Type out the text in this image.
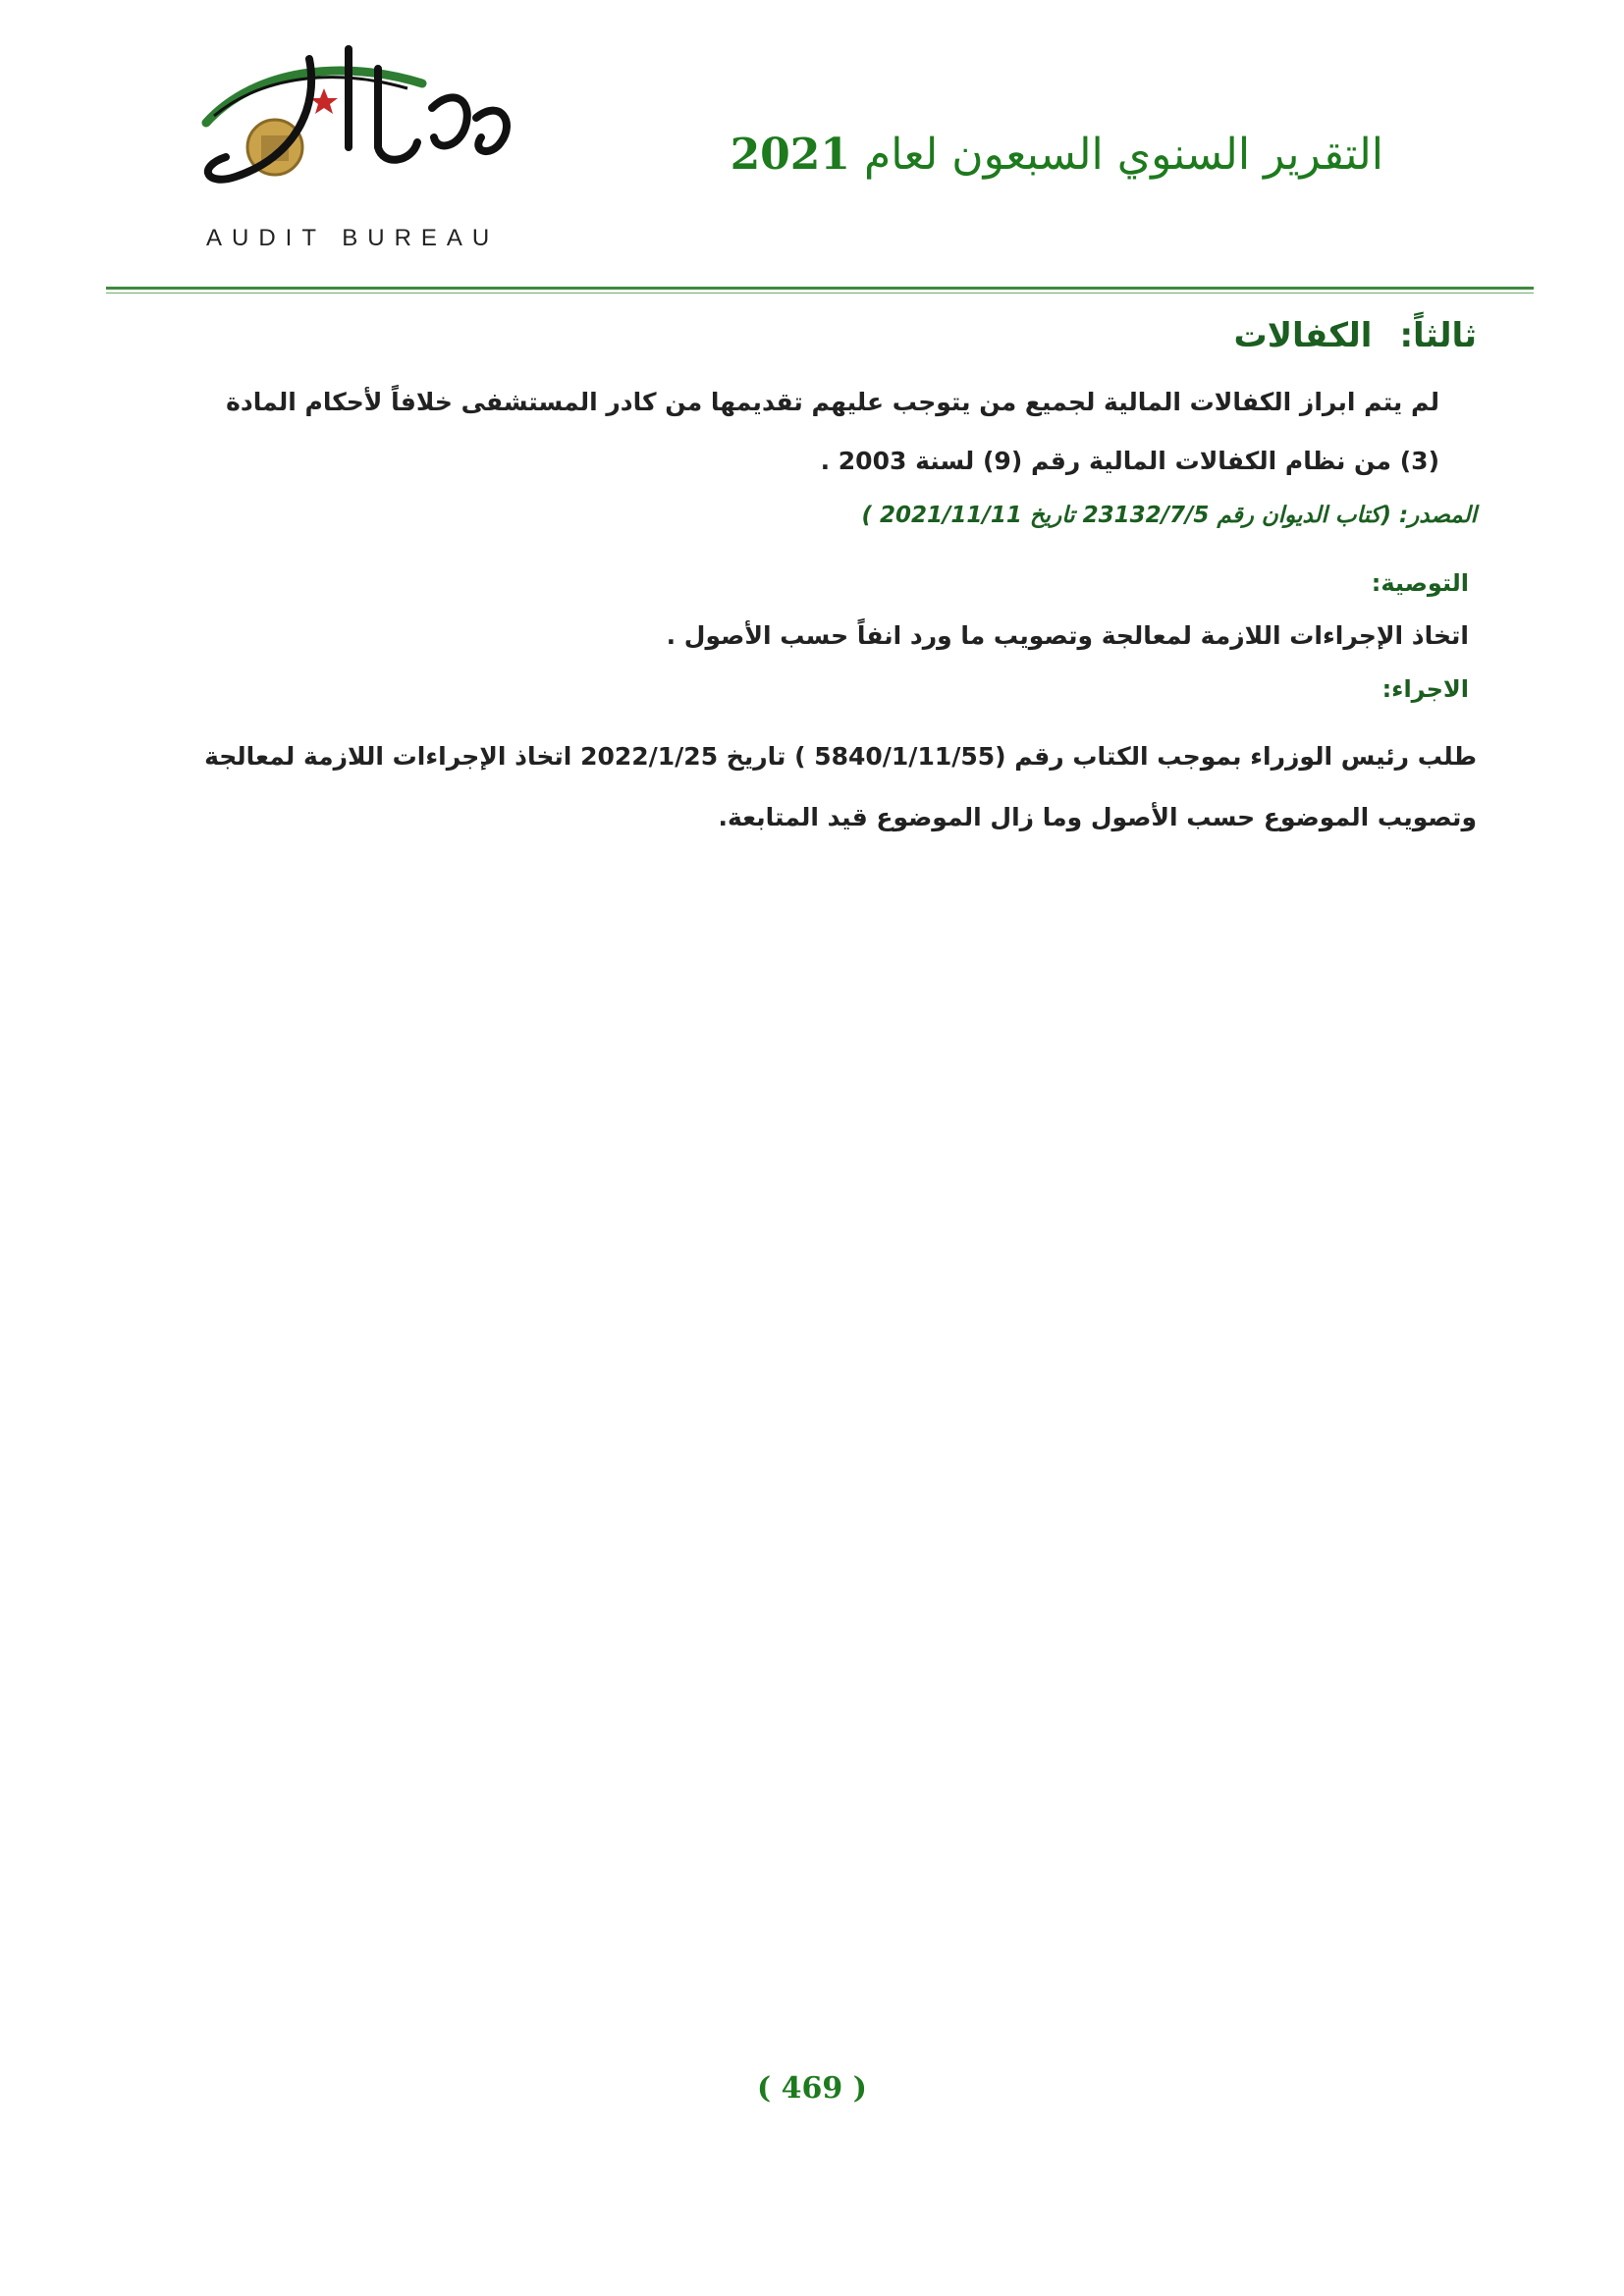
AUDIT BUREAU
التقرير السنوي السبعون لعام 2021
ثالثاً:الكفالات
لم يتم ابراز الكفالات المالية لجميع من يتوجب عليهم تقديمها من كادر المستشفى خلافاً لأحكام المادة
(3) من نظام الكفالات المالية رقم (9) لسنة 2003 .
المصدر: (كتاب الديوان رقم 23132/7/5 تاريخ 2021/11/11 )
التوصية:
اتخاذ الإجراءات اللازمة لمعالجة وتصويب ما ورد انفاً حسب الأصول .
الاجراء:
طلب رئيس الوزراء بموجب الكتاب رقم (5840/1/11/55 ) تاريخ 2022/1/25 اتخاذ الإجراءات اللازمة لمعالجة
وتصويب الموضوع حسب الأصول وما زال الموضوع قيد المتابعة.
( 469 )
